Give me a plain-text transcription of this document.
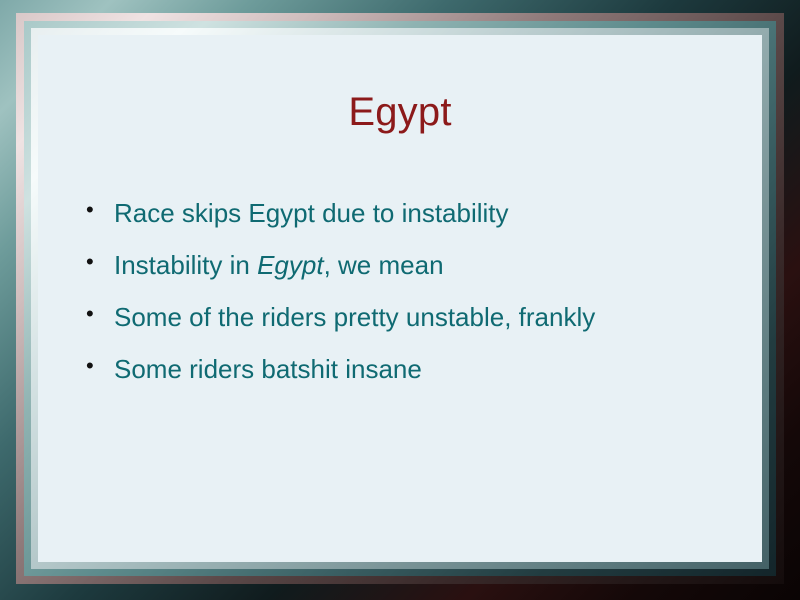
Egypt
• Race skips Egypt due to instability
• Instability in Egypt, we mean
• Some of the riders pretty unstable, frankly
• Some riders batshit insane
